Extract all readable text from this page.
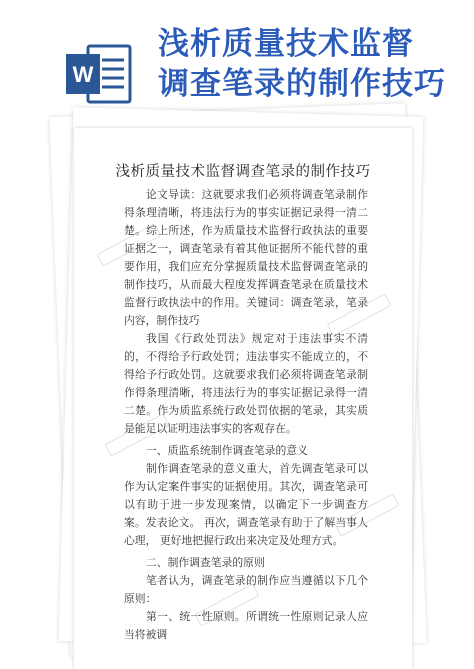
W
浅析质量技术监督
调查笔录的制作技巧
浅析质量技术监督调查笔录的制作技巧

论文导读：这就要求我们必须将调查笔录制作得条理清晰，将违法行为的事实证据记录得一清二楚。综上所述，作为质量技术监督行政执法的重要证据之一，调查笔录有着其他证据所不能代替的重要作用，我们应充分掌握质量技术监督调查笔录的制作技巧，从而最大程度发挥调查笔录在质量技术监督行政执法中的作用。关键词：调查笔录，笔录内容，制作技巧

我国《行政处罚法》规定对于违法事实不清的，不得给予行政处罚；违法事实不能成立的，不得给予行政处罚。这就要求我们必须将调查笔录制作得条理清晰，将违法行为的事实证据记录得一清二楚。作为质监系统行政处罚依据的笔录，其实质是能足以证明违法事实的客观存在。

一、质监系统制作调查笔录的意义

制作调查笔录的意义重大，首先调查笔录可以作为认定案件事实的证据使用。其次，调查笔录可以有助于进一步发现案情，以确定下一步调查方案。发表论文。 再次，调查笔录有助于了解当事人心理， 更好地把握行政出来决定及处理方式。

二、制作调查笔录的原则

笔者认为，调查笔录的制作应当遵循以下几个原则：

第一、统一性原则。所谓统一性原则记录人应当将被调
